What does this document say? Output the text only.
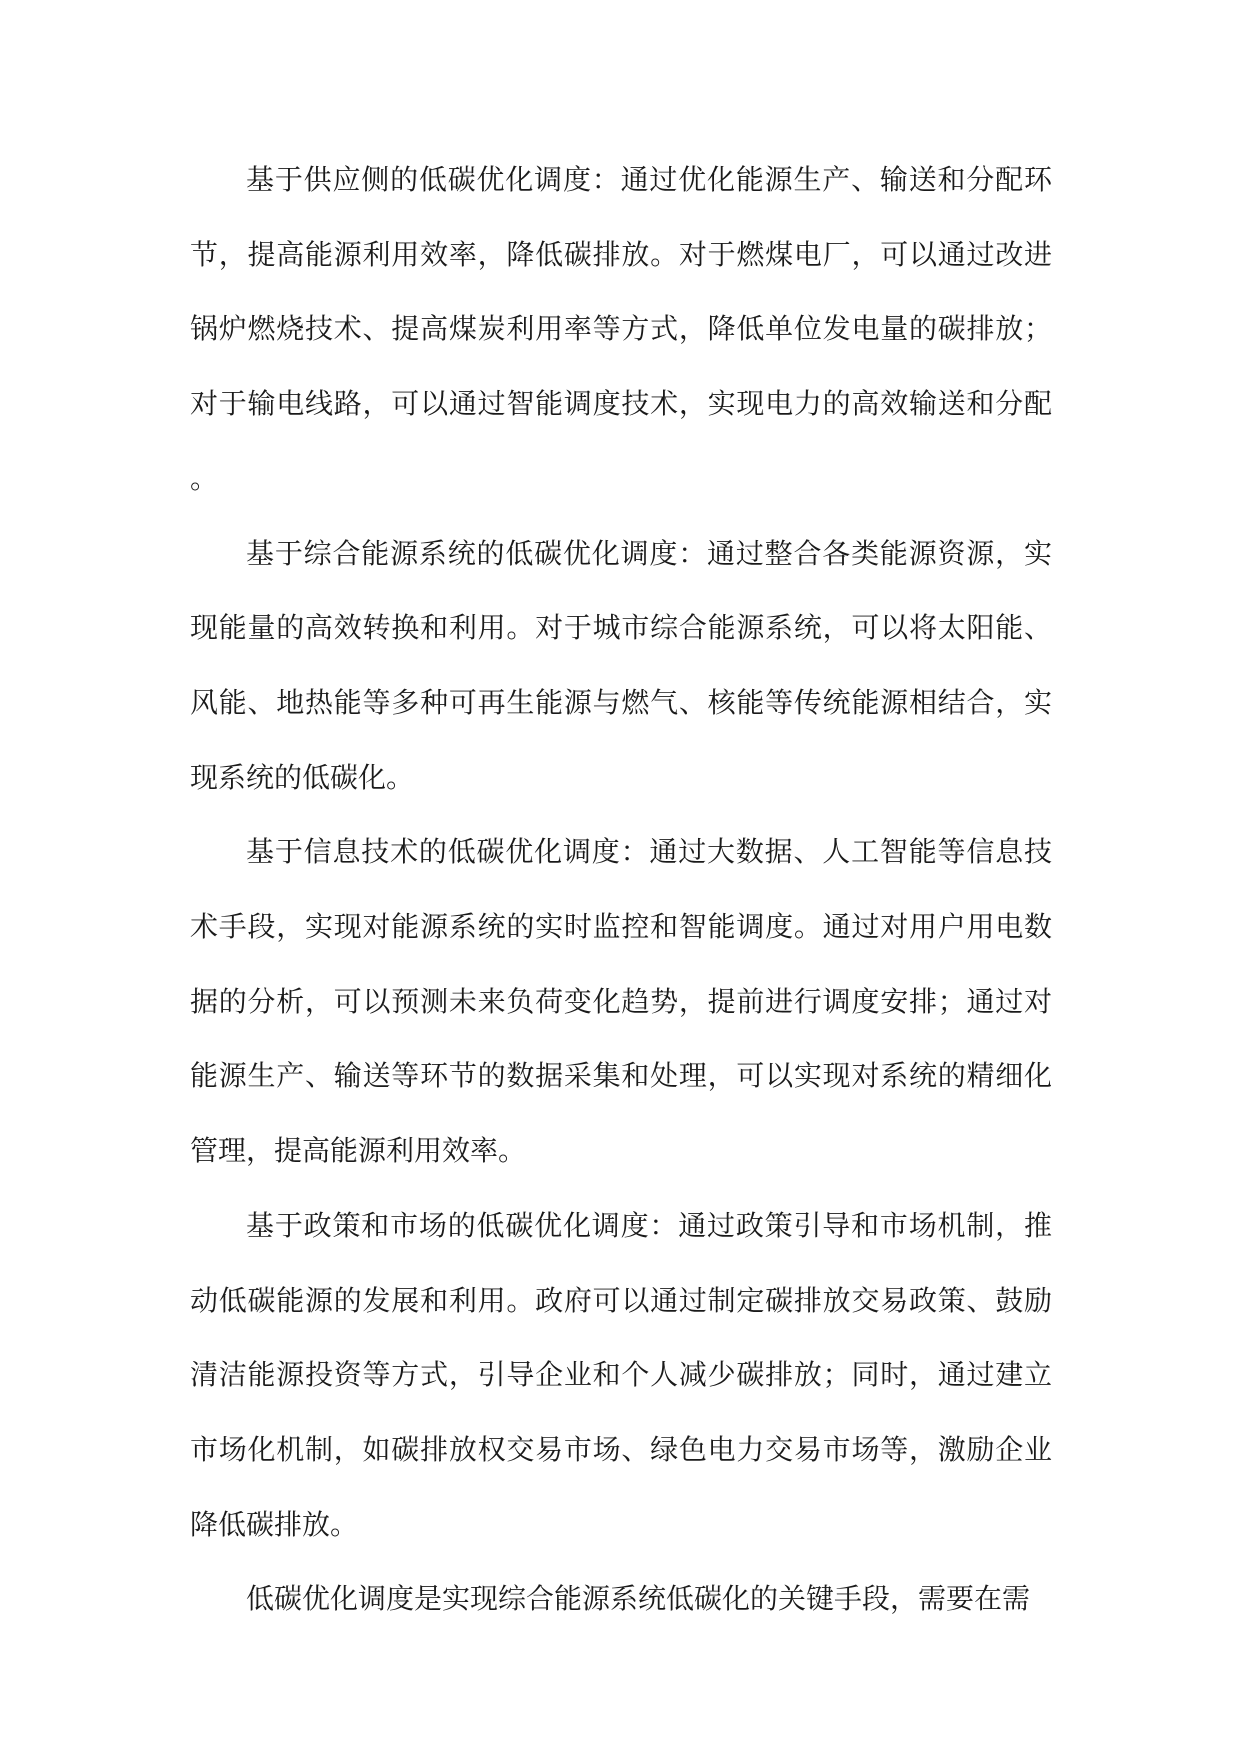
基于供应侧的低碳优化调度：通过优化能源生产、输送和分配环节，提高能源利用效率，降低碳排放。对于燃煤电厂，可以通过改进锅炉燃烧技术、提高煤炭利用率等方式，降低单位发电量的碳排放；对于输电线路，可以通过智能调度技术，实现电力的高效输送和分配。

基于综合能源系统的低碳优化调度：通过整合各类能源资源，实现能量的高效转换和利用。对于城市综合能源系统，可以将太阳能、风能、地热能等多种可再生能源与燃气、核能等传统能源相结合，实现系统的低碳化。

基于信息技术的低碳优化调度：通过大数据、人工智能等信息技术手段，实现对能源系统的实时监控和智能调度。通过对用户用电数据的分析，可以预测未来负荷变化趋势，提前进行调度安排；通过对能源生产、输送等环节的数据采集和处理，可以实现对系统的精细化管理，提高能源利用效率。

基于政策和市场的低碳优化调度：通过政策引导和市场机制，推动低碳能源的发展和利用。政府可以通过制定碳排放交易政策、鼓励清洁能源投资等方式，引导企业和个人减少碳排放；同时，通过建立市场化机制，如碳排放权交易市场、绿色电力交易市场等，激励企业降低碳排放。

低碳优化调度是实现综合能源系统低碳化的关键手段，需要在需
